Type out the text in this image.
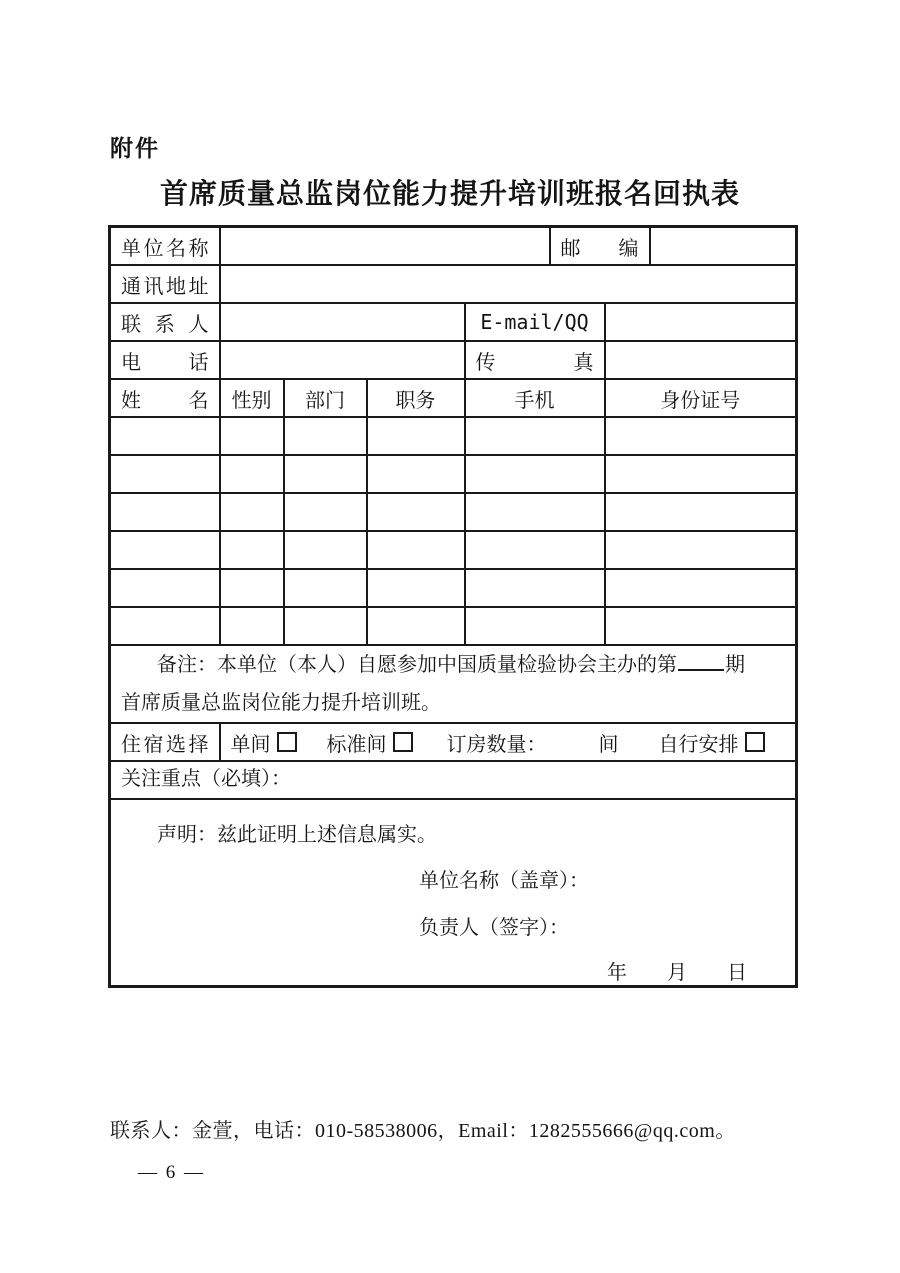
附件
首席质量总监岗位能力提升培训班报名回执表
单位名称					邮编		
通讯地址							
联系人				E-mail/QQ			
电话				传真			
姓名	性别	部门	职务	手机		身份证号	

备注：本单位（本人）自愿参加中国质量检验协会主办的第 期
首席质量总监岗位能力提升培训班。							

住宿选择	单间 标准间 订房数量： 间 自行安排						

关注重点（必填）：							

声明：兹此证明上述信息属实。
单位名称（盖章）：
负责人（签字）：
年　　月　　日							
联系人：金萱，电话：010-58538006，Email：1282555666@qq.com。
— 6 —
